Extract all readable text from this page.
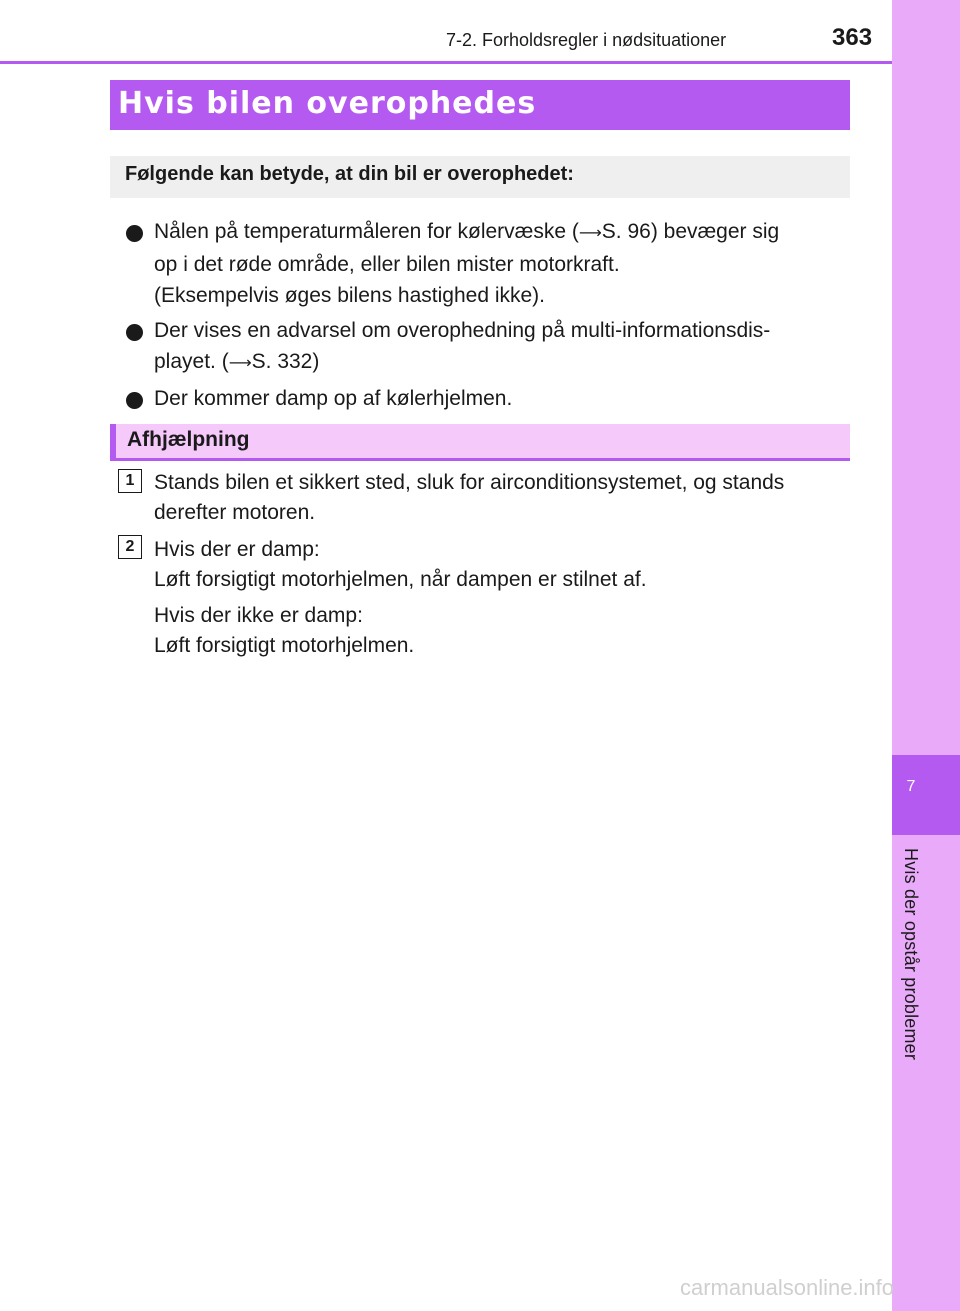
7
Hvis der opstår problemer
7-2. Forholdsregler i nødsituationer	363
Hvis bilen overophedes
Følgende kan betyde, at din bil er overophedet:
Nålen på temperaturmåleren for kølervæske (⟶S. 96) bevæger sig
op i det røde område, eller bilen mister motorkraft.
(Eksempelvis øges bilens hastighed ikke).
Der vises en advarsel om overophedning på multi-informationsdis-
playet. (⟶S. 332)
Der kommer damp op af kølerhjelmen.
Afhjælpning
1 Stands bilen et sikkert sted, sluk for airconditionsystemet, og stands
derefter motoren.
2 Hvis der er damp:
Løft forsigtigt motorhjelmen, når dampen er stilnet af.
Hvis der ikke er damp:
Løft forsigtigt motorhjelmen.
carmanualsonline.info
